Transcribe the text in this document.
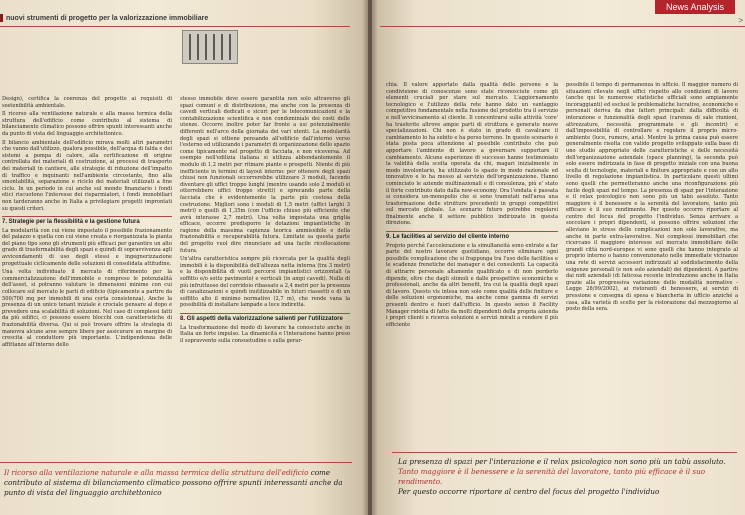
nuovi strumenti di progetto per la valorizzazione immobiliare

Design), certifica la coerenza del progetto ai requisiti di sostenibilità ambientale.

Il ricorso alla ventilazione naturale e alla massa termica della struttura dell'edificio come contributo al sistema di bilanciamento climatico possono offrire spunti interessanti anche da punto di vista del linguaggio architettonico.

Il bilancio ambientale dell'edificio mirava molti altri parametri che vanno dall'utilizzo, qualora possibile, dell'acqua di falda e dei sistemi a pompa di calore, alla certificazione di origine controllata dei materiali di costruzione, ai processi di trasporto dei materiali in cantiere, alle strategie di riduzione dell'impatto di traffico e inquinanti nell'ambiente circostante, fino alla smontabilità, separazione e riciclo dei materiali utilizzati a fine ciclo. In un periodo in cui anche sul mondo finanziario i fondi etici riscuotono l'interesse dei risparmiatori, i fondi immobiliari non tarderanno anche in Italia a privilegiare progetti improntati su questi criteri.

7. Strategie per la flessibilità e la gestione futura

La modularità con cui viene impostato il possibile frazionamento del palazzo e quella con cui viene creata e riorganizzata la pianta del piano tipo sono gli strumenti più efficaci per garantire un alto grado di trasformabilità degli spazi e quindi di sopravvivenza agli avvicendamenti di uso degli stessi e ingegnerizzazione progettuale ciclicamente delle soluzioni di consolidata attitudine.

Una volta individuato il mercato di riferimento per la commercializzazione dell'immobile e compreso le potenzialità dell'asset, si potranno valutare le dimensioni minime con cui collocare sul mercato le parti di edificio (tipicamente a partire da 500/700 mq per immobili di una certa consistenza). Anche la presenza di un unico tenant iniziale è crociale pensare al dopo e prevedere una scalabilità di soluzioni. Nel caso di complessi fatti da più edifici, ci possono essere blocchi con caratteristiche di frazionabilità diversa. Qui si può trovare offrire la strategia di manovra alcune aree sempre libere per assicurare un margine di crescita al conduttore più importante. L'indipendenza delle affittanze all'interno dello

stesso immobile deve essere garantita non solo attraverso gli spazi comuni e di distribuzione, ma anche con la presenza di cavedi verticali dedicati e sicuri per le telecomunicazioni e la contabilizzazione scientifica e non condominiale dei costi delle utenze. Occorre inoltre poter far fronte a usi potenzialmente differenti nell'arco della giornata dei vari utenti. La modularità degli spazi si ottiene pensando all'edificio dall'interno verso l'esterno ed utilizzando i parametri di organizzazione dello spazio come tipicamente nel progetto di facciata, e non viceversa. Ad esempio nell'edilizia italiana si utilizza abbondantemente il modulo di 1,2 metri per ritmare piante e prospetti. Niente di più inefficiente in termini di layout interno: per ottenere degli spazi chiusi non funzionali occorrerebbe utilizzare 3 moduli, facendo diventare gli uffici troppo lunghi (mentre usando solo 2 moduli si otterrebbero uffici troppo stretti) e sprecando parte della facciata che è evidentemente la parte più costosa della costruzione. Migliori sono i moduli di 1,5 metri (uffici larghi 3 metri) o quelli di 1,35m (con l'ufficio chiuso più efficiente che avrà interasse 2,7 metri). Una volta impostata una griglia efficace, occorre predisporre le dotazioni impiantistiche in ragione della massima capienza teorica ammissibile e della frazionabilità e recuperabilità futura. Limitate sa questa parte del progetto vuol dire rinunciare ad una facile ricollocazione futura.

Un'altra caratteristica sempre più ricercata per la qualità degli immobili è la disponibilità dell'altezza netta interna (tra 3 metri) e la disponibilità di vuoti percorsi impiantistici orizzontali (a soffitto e/o sotto pavimento) e verticali (in ampi cavedi). Nulla di più infruttuoso del corridoio ribassato a 2,4 metri per la presenza di canalizzazioni e quindi inutilizzabile in futuri riassetti o di un soffitto alto il minimo normativo (2,7 m), che rende vana la possibilità di installare lampade a luce indiretta.

8. Gli aspetti della valorizzazione salienti per l'utilizzatore

La trasformazione del modo di lavorare ha conosciuto anche in Italia un forte impulso. La dinamicità e l'interazione hanno preso il sopravvento sulla consuetudine e sulla gerar-

Il ricorso alla ventilazione naturale e alla massa termica della struttura dell'edificio come contributo al sistema di bilanciamento climatico possono offrire spunti interessanti anche da punto di vista del linguaggio architettonico
News Analysis
>

chia. Il valore apportato dalla qualità delle persone e la condivisione di conoscenze sono state riconosciute come gli elementi cruciali per stare sul mercato. L'aggiornamento tecnologico e l'utilizzo della rete hanno dato un vantaggio competitivo fondamentale nella fusione del prodotto tra il servizio e nell'avvicinamento al cliente. Il concentrarsi sulle attività 'core' ha trasferito altrove ampie parti di struttura e generato nuove specializzazioni. Chi non è stato in grado di cavalcare il cambiamento lo ha subito e ha perso terreno. In questo scenario è stata posta poca attenzione al possibile contributo che può apportare l'ambiente di lavoro a governare supportare il cambiamento. Alcune esperienze di successo hanno testimoniato la validità della scelta operata da chi, magari inizialmente in modo involontario, ha utilizzato lo spazio in modo razionale ed innovativo e lo ha messo al servizio dell'organizzazione. Hanno cominciato le aziende multinazionali e di consulenza, più e' stato il forte contributo dato dalla new-economy. Ora l'ondata è passata si considera un-monopolio che si sono tramutati nell'area una trasformazione delle strutture precedenti in gruppi competitivi sul mercato globale. Lo scenario futuro potrebbe regolarsi finalmente anche il settore pubblico indirizzato in questa direzione.

9. Le facilities al servizio del cliente interno

Proprio perché l'accelerazione e la simultaneità sono entrate a far parte del nostro lavorare quotidiano, occorre eliminare ogni possibile complicazione che si frapponga tra l'uso delle facilities e le scadenze frenetiche dei manager e dei consulenti. La capacità di attrarre personale altamente qualificato e di non perderlo dipende, oltre che dagli stimoli e dalle prospettive economiche e professionali, anche da altri benefit, tra cui la qualità degli spazi di lavoro. Questo vis intesa non solo come qualità delle finiture e delle soluzioni ergonomiche, ma anche come gamma di servizi presenti dentro e fuori dall'ufficio. In questo senso il Facility Manager ridotta di fatto da molti dipendenti della propria azienda i propri clienti e ricerca soluzioni e servizi mirati a rendere il più efficiente

possibile il tempo di permanenza in ufficio. Il maggior numero di situazioni rilevate negli uffici rispetto allo condizioni di lavoro (anche qui le numerose statistiche ufficiali sono ampiamente incoraggianti) ed esclusi le problematiche lucrative, economiche e personali deriva da due fattori principali: dalla difficoltà di interazione e funzionalità degli spazi (carenza di sale riunioni, attrezzature, necessità programmate e gli incontri) e dall'impossibilità di controllare e regolare il proprio micro-ambiente (luce, rumore, aria). Mentre la prima causa può essere generalmente risolta con valido progetto sviluppato sulla base di uno studio appropriato delle caratteristiche e delle necessità dell'organizzazione aziendale (space planning), la seconda può solo essere indirizzata in fase di progetto iniziale con una buona scelta di tecnologie, materiali e finiture appropriate e con un alto livello di regolazione impiantistica. In particolare questi ultimi sono quelli che permetteranno anche una riconfigurazione più facile degli spazi nel tempo. La presenza di spazi per l'interazione e il relax psicologico non sono più un tabù assoluto. Tanto maggiore è il benessere e la serenità del lavoratore, tanto più efficace è il suo rendimento. Per questo occorre riportare al centro del focus del progetto l'individuo. Senza arrivare a soccolare i propri dipendenti, si possono offrire soluzioni che alleviano lo stress delle complicazioni non solo lavorative, ma anche in parte extra-lavorative. Nei complessi immobiliari che ricercano il maggiore interesse sul mercato immobiliare delle grandi città nord-europee vi sono quelli che hanno integrato al proprio interno o hanno convenzionato nelle immediate vicinanze una rete di servizi accessori indirizzati al soddisfacimento della esigenze personali (e non solo aziendali) dei dipendenti. A partire dai nidi aziendali (di faticosa recente introduzione anche in Italia grazie alla progressiva variazione delle modalità normative - Legge 28/99/2002), ai ristoranti di benessere, ai servizi di pressione e consegna di spesa e biancheria in ufficio anziché a casa, alla varietà di scelte per la ristorazione dal mezzogiorno al posto della sera.

La presenza di spazi per l'interazione e il relax psicologico non sono più un tabù assoluto.
Tanto maggiore è il benessere e la serenità del lavoratore, tanto più efficace è il suo rendimento.
Per questo occorre riportare al centro del focus del progetto l'individuo
